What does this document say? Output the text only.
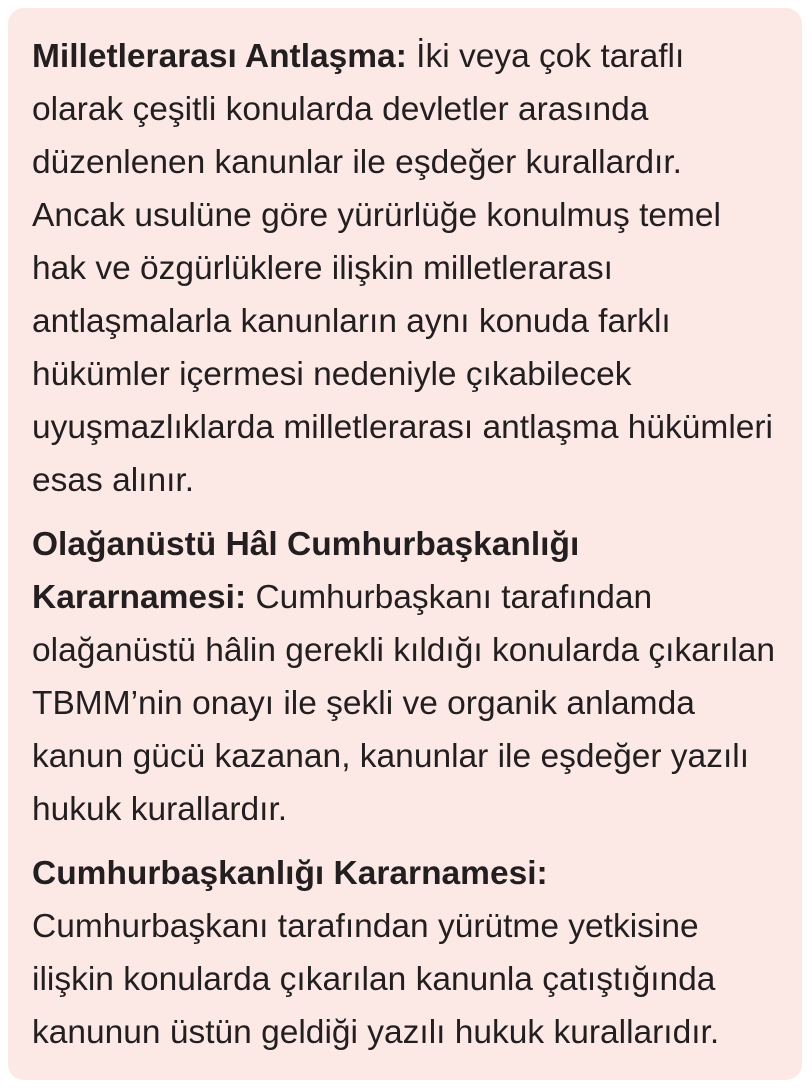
Milletlerarası Antlaşma: İki veya çok taraflı olarak çeşitli konularda devletler arasında düzenlenen kanunlar ile eşdeğer kurallardır. Ancak usulüne göre yürürlüğe konulmuş temel hak ve özgürlüklere ilişkin milletlerarası antlaşmalarla kanunların aynı konuda farklı hükümler içermesi nedeniyle çıkabilecek uyuşmazlıklarda milletlerarası antlaşma hükümleri esas alınır.

Olağanüstü Hâl Cumhurbaşkanlığı Kararnamesi: Cumhurbaşkanı tarafından olağanüstü hâlin gerekli kıldığı konularda çıkarılan TBMM’nin onayı ile şekli ve organik anlamda kanun gücü kazanan, kanunlar ile eşdeğer yazılı hukuk kurallardır.

Cumhurbaşkanlığı Kararnamesi:
Cumhurbaşkanı tarafından yürütme yetkisine ilişkin konularda çıkarılan kanunla çatıştığında kanunun üstün geldiği yazılı hukuk kurallarıdır.
